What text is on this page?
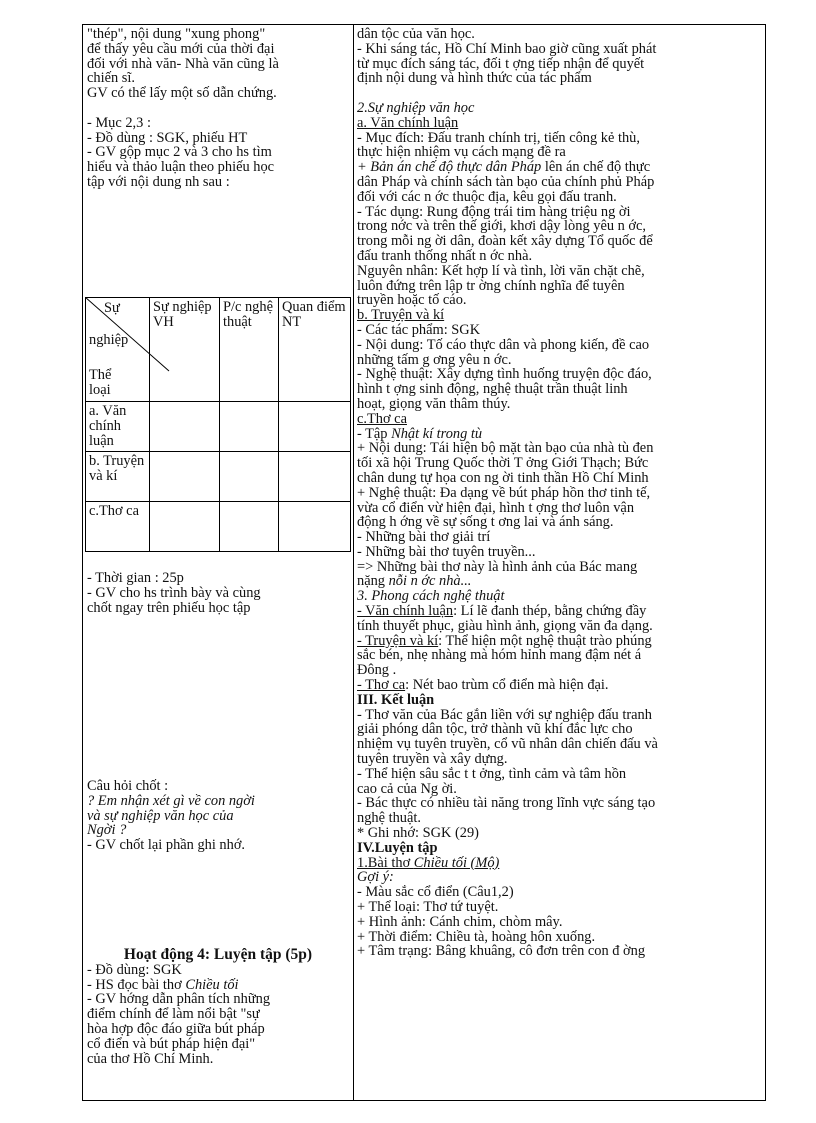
"thép", nội dung "xung phong"
để thấy yêu cầu mới của thời đại
đối với nhà văn- Nhà văn cũng là
chiến sĩ.
GV có thể lấy một số dẫn chứng.
- Mục 2,3 :
- Đồ dùng : SGK, phiếu HT
- GV gộp mục 2 và 3 cho hs tìm
hiểu và thảo luận theo phiếu học
tập với nội dung nh sau :
Sự
nghiệp
Thể loại	Sự nghiệp VH	P/c nghệ thuật	Quan điểm NT
a. Văn chính luận			
b. Truyện và kí			
c.Thơ ca			
- Thời gian : 25p
- GV cho hs trình bày và cùng
chốt ngay trên phiếu học tập
Câu hỏi chốt :
? Em nhận xét gì về con ngời
và sự nghiệp văn học của
Ngời ?
- GV chốt lại phần ghi nhớ.
Hoạt động 4: Luyện tập (5p)
- Đồ dùng: SGK
- HS đọc bài thơ Chiều tối
- GV hớng dẫn phân tích những
điểm chính để làm nổi bật "sự
hòa hợp độc đáo giữa bút pháp
cổ điển và bút pháp hiện đại"
của thơ Hồ Chí Minh.
dân tộc của văn học.
- Khi sáng tác, Hồ Chí Minh bao giờ cũng xuất phát
từ mục đích sáng tác, đối t ợng tiếp nhận để quyết
định nội dung và hình thức của tác phẩm
2.Sự nghiệp văn học
a. Văn chính luận
- Mục đích: Đấu tranh chính trị, tiến công kẻ thù,
thực hiện nhiệm vụ cách mạng đề ra
+ Bản án chế độ thực dân Pháp lên án chế độ thực
dân Pháp và chính sách tàn bạo của chính phủ Pháp
đối với các n ớc thuộc địa, kêu gọi đấu tranh.
- Tác dụng: Rung động trái tim hàng triệu ng ời
trong nớc và trên thế giới, khơi dậy lòng yêu n ớc,
trong mỗi ng ời dân, đoàn kết xây dựng Tổ quốc để
đấu tranh thống nhất n ớc nhà.
Nguyên nhân: Kết hợp lí và tình, lời văn chặt chẽ,
luôn đứng trên lập tr ờng chính nghĩa để tuyên
truyền hoặc tố cáo.
b. Truyện và kí
- Các tác phẩm: SGK
- Nội dung: Tố cáo thực dân và phong kiến, đề cao
những tấm g ơng yêu n ớc.
- Nghệ thuật: Xây dựng tình huống truyện độc đáo,
hình t ợng sinh động, nghệ thuật trần thuật linh
hoạt, giọng văn thâm thúy.
c.Thơ ca
- Tập Nhật kí trong tù
+ Nội dung: Tái hiện bộ mặt tàn bạo của nhà tù đen
tối xã hội Trung Quốc thời T ởng Giới Thạch; Bức
chân dung tự họa con ng ời tinh thần Hồ Chí Minh
+ Nghệ thuật: Đa dạng về bút pháp hồn thơ tinh tế,
vừa cổ điển vừ hiện đại, hình t ợng thơ luôn vận
động h ớng về sự sống t ơng lai và ánh sáng.
- Những bài thơ giải trí
- Những bài thơ tuyên truyền...
=> Những bài thơ này là hình ảnh của Bác mang
nặng nỗi n ớc nhà...
3. Phong cách nghệ thuật
- Văn chính luận: Lí lẽ đanh thép, bằng chứng đầy
tính thuyết phục, giàu hình ảnh, giọng văn đa dạng.
- Truyện và kí: Thể hiện một nghệ thuật trào phúng
sắc bén, nhẹ nhàng mà hóm hỉnh mang đậm nét á
Đông .
- Thơ ca: Nét bao trùm cổ điển mà hiện đại.
III. Kết luận
- Thơ văn của Bác gắn liền với sự nghiệp đấu tranh
giải phóng dân tộc, trở thành vũ khí đắc lực cho
nhiệm vụ tuyên truyền, cổ vũ nhân dân chiến đấu và
tuyên truyền và xây dựng.
- Thể hiện sâu sắc t t ởng, tình cảm và tâm hồn
cao cả của Ng ời.
- Bác thực có nhiều tài năng trong lĩnh vực sáng tạo
nghệ thuật.
* Ghi nhớ: SGK (29)
IV.Luyện tập
1.Bài thơ Chiều tối (Mộ)
Gợi ý:
- Màu sắc cổ điển (Câu1,2)
+ Thể loại: Thơ tứ tuyệt.
+ Hình ảnh: Cánh chim, chòm mây.
+ Thời điểm: Chiều tà, hoàng hôn xuống.
+ Tâm trạng: Bâng khuâng, cô đơn trên con đ ờng
